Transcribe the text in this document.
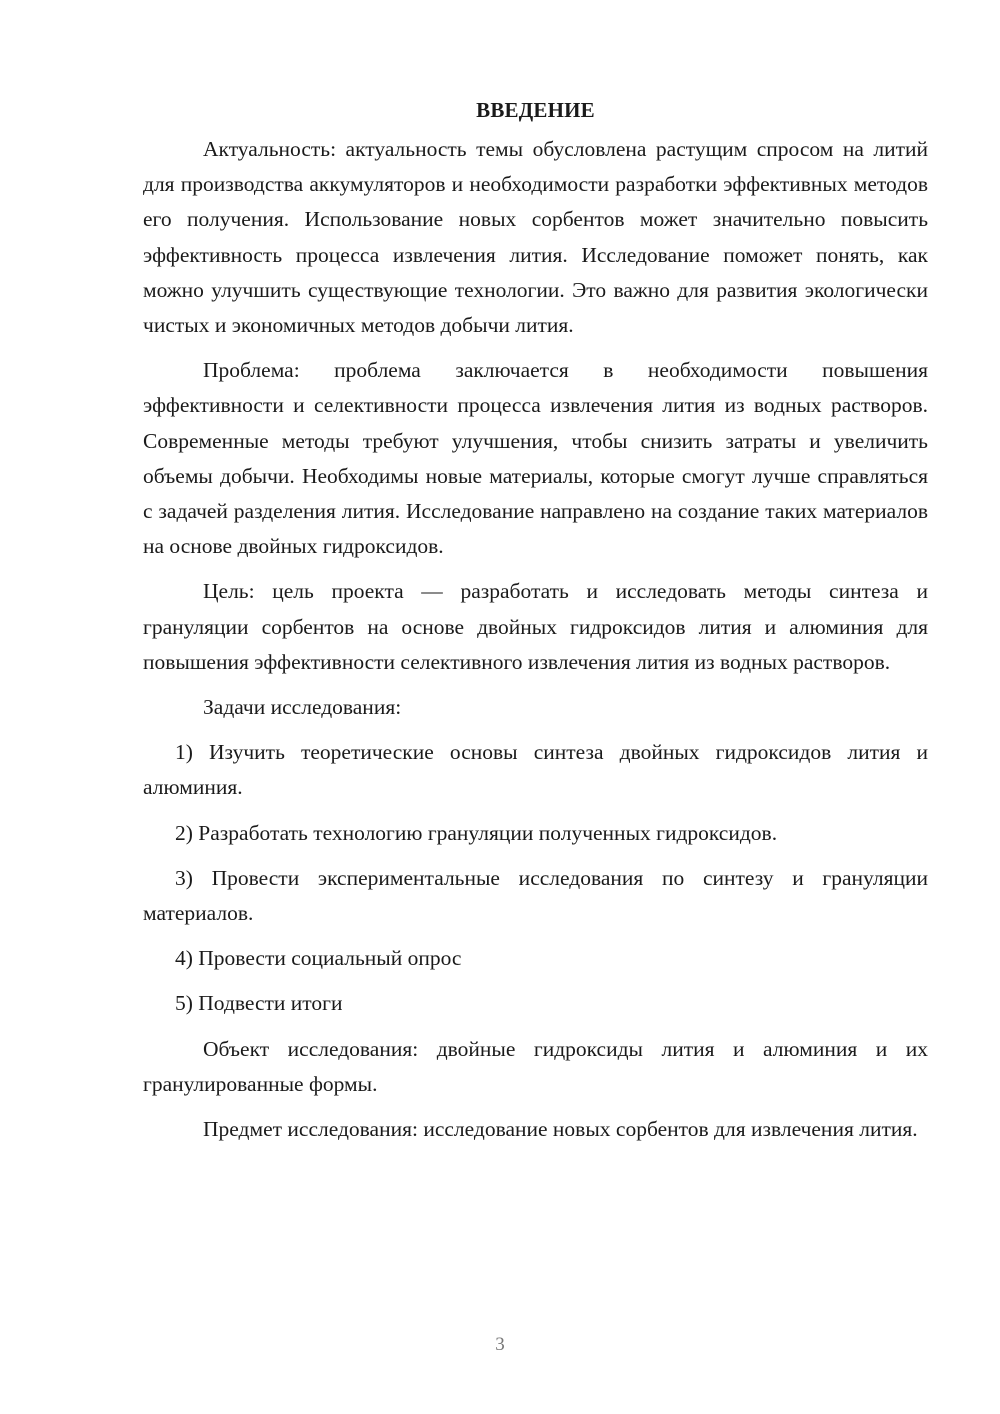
ВВЕДЕНИЕ

Актуальность: актуальность темы обусловлена растущим спросом на литий для производства аккумуляторов и необходимости разработки эффективных методов его получения. Использование новых сорбентов может значительно повысить эффективность процесса извлечения лития. Исследование поможет понять, как можно улучшить существующие технологии. Это важно для развития экологически чистых и экономичных методов добычи лития.

Проблема: проблема заключается в необходимости повышения эффективности и селективности процесса извлечения лития из водных растворов. Современные методы требуют улучшения, чтобы снизить затраты и увеличить объемы добычи. Необходимы новые материалы, которые смогут лучше справляться с задачей разделения лития. Исследование направлено на создание таких материалов на основе двойных гидроксидов.

Цель: цель проекта — разработать и исследовать методы синтеза и грануляции сорбентов на основе двойных гидроксидов лития и алюминия для повышения эффективности селективного извлечения лития из водных растворов.

Задачи исследования:

1) Изучить теоретические основы синтеза двойных гидроксидов лития и алюминия.

2) Разработать технологию грануляции полученных гидроксидов.

3) Провести экспериментальные исследования по синтезу и грануляции материалов.

4) Провести социальный опрос

5) Подвести итоги

Объект исследования: двойные гидроксиды лития и алюминия и их гранулированные формы.

Предмет исследования: исследование новых сорбентов для извлечения лития.

3
